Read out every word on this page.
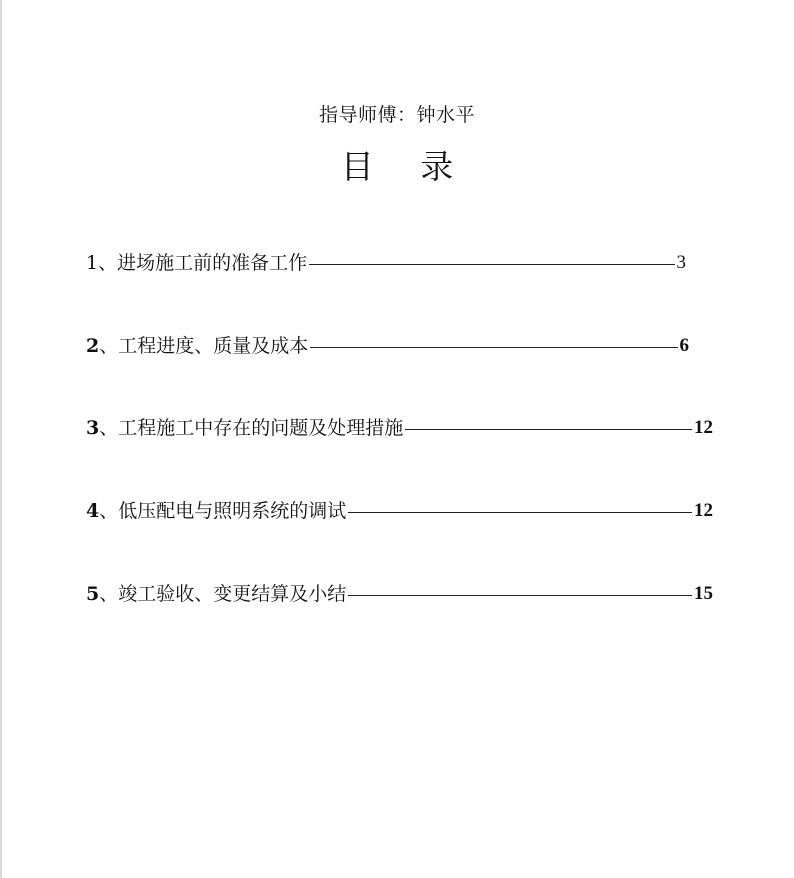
指导师傅：钟水平
目 录
1 、进场施工前的准备工作	3
2 、工程进度、质量及成本	6
3 、工程施工中存在的问题及处理措施	12
4 、低压配电与照明系统的调试	12
5 、竣工验收、变更结算及小结	15
